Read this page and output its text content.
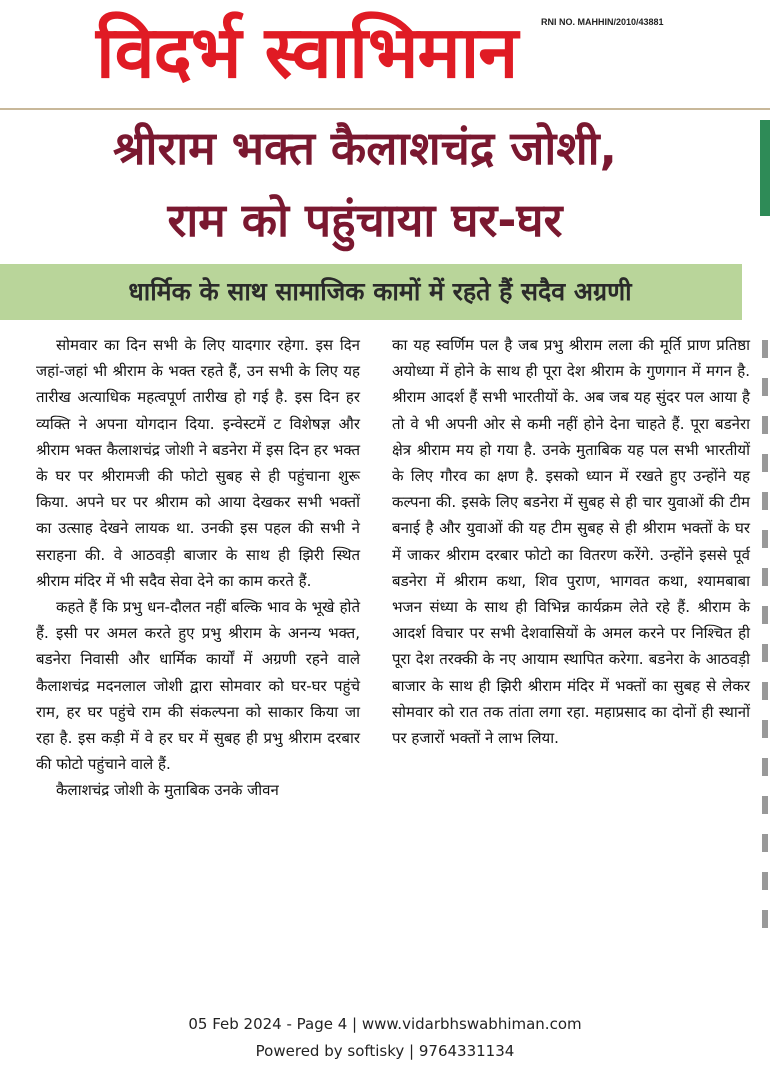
विदर्भ स्वाभिमान	RNI NO. MAHHIN/2010/43881
श्रीराम भक्त कैलाशचंद्र जोशी,
राम को पहुंचाया घर-घर
धार्मिक के साथ सामाजिक कामों में रहते हैं सदैव अग्रणी

सोमवार का दिन सभी के लिए यादगार रहेगा. इस दिन जहां-जहां भी श्रीराम के भक्त रहते हैं, उन सभी के लिए यह तारीख अत्याधिक महत्वपूर्ण तारीख हो गई है. इस दिन हर व्यक्ति ने अपना योगदान दिया. इन्वेस्टमें ट विशेषज्ञ और श्रीराम भक्त कैलाशचंद्र जोशी ने बडनेरा में इस दिन हर भक्त के घर पर श्रीरामजी की फोटो सुबह से ही पहुंचाना शुरू किया. अपने घर पर श्रीराम को आया देखकर सभी भक्तों का उत्साह देखने लायक था. उनकी इस पहल की सभी ने सराहना की. वे आठवड़ी बाजार के साथ ही झिरी स्थित श्रीराम मंदिर में भी सदैव सेवा देने का काम करते हैं.

कहते हैं कि प्रभु धन-दौलत नहीं बल्कि भाव के भूखे होते हैं. इसी पर अमल करते हुए प्रभु श्रीराम के अनन्य भक्त, बडनेरा निवासी और धार्मिक कार्यों में अग्रणी रहने वाले कैलाशचंद्र मदनलाल जोशी द्वारा सोमवार को घर-घर पहुंचे राम, हर घर पहुंचे राम की संकल्पना को साकार किया जा रहा है. इस कड़ी में वे हर घर में सुबह ही प्रभु श्रीराम दरबार की फोटो पहुंचाने वाले हैं.

कैलाशचंद्र जोशी के मुताबिक उनके जीवन

का यह स्वर्णिम पल है जब प्रभु श्रीराम लला की मूर्ति प्राण प्रतिष्ठा अयोध्या में होने के साथ ही पूरा देश श्रीराम के गुणगान में मगन है. श्रीराम आदर्श हैं सभी भारतीयों के. अब जब यह सुंदर पल आया है तो वे भी अपनी ओर से कमी नहीं होने देना चाहते हैं. पूरा बडनेरा क्षेत्र श्रीराम मय हो गया है. उनके मुताबिक यह पल सभी भारतीयों के लिए गौरव का क्षण है. इसको ध्यान में रखते हुए उन्होंने यह कल्पना की. इसके लिए बडनेरा में सुबह से ही चार युवाओं की टीम बनाई है और युवाओं की यह टीम सुबह से ही श्रीराम भक्तों के घर में जाकर श्रीराम दरबार फोटो का वितरण करेंगे. उन्होंने इससे पूर्व बडनेरा में श्रीराम कथा, शिव पुराण, भागवत कथा, श्यामबाबा भजन संध्या के साथ ही विभिन्न कार्यक्रम लेते रहे हैं. श्रीराम के आदर्श विचार पर सभी देशवासियों के अमल करने पर निश्चित ही पूरा देश तरक्की के नए आयाम स्थापित करेगा. बडनेरा के आठवड़ी बाजार के साथ ही झिरी श्रीराम मंदिर में भक्तों का सुबह से लेकर सोमवार को रात तक तांता लगा रहा. महाप्रसाद का दोनों ही स्थानों पर हजारों भक्तों ने लाभ लिया.

05 Feb 2024 - Page 4 | www.vidarbhswabhiman.com
Powered by softisky | 9764331134
